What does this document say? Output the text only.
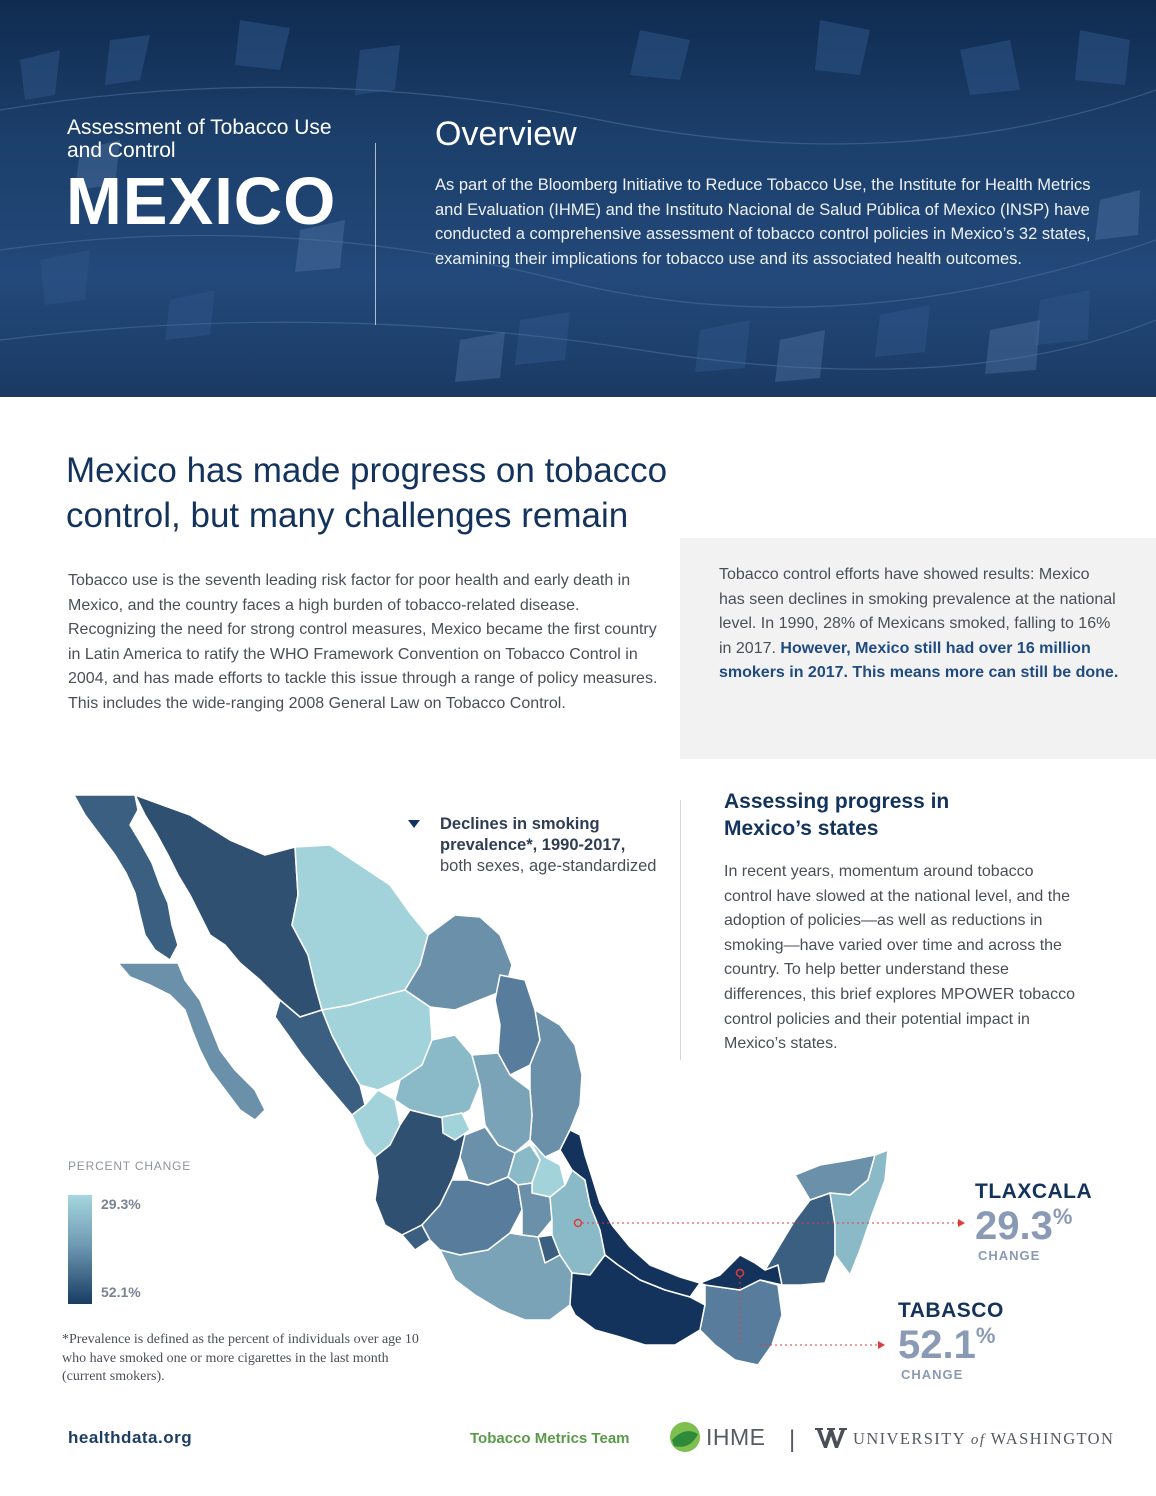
Assessment of Tobacco Use and Control
MEXICO
Overview
As part of the Bloomberg Initiative to Reduce Tobacco Use, the Institute for Health Metrics and Evaluation (IHME) and the Instituto Nacional de Salud Pública of Mexico (INSP) have conducted a comprehensive assessment of tobacco control policies in Mexico’s 32 states, examining their implications for tobacco use and its associated health outcomes.
Mexico has made progress on tobacco control, but many challenges remain
Tobacco use is the seventh leading risk factor for poor health and early death in Mexico, and the country faces a high burden of tobacco-related disease. Recognizing the need for strong control measures, Mexico became the first country in Latin America to ratify the WHO Framework Convention on Tobacco Control in 2004, and has made efforts to tackle this issue through a range of policy measures. This includes the wide-ranging 2008 General Law on Tobacco Control.
Tobacco control efforts have showed results: Mexico has seen declines in smoking prevalence at the national level. In 1990, 28% of Mexicans smoked, falling to 16% in 2017. However, Mexico still had over 16 million smokers in 2017. This means more can still be done.
Declines in smoking prevalence*, 1990-2017,
both sexes, age-standardized
Assessing progress in Mexico’s states
In recent years, momentum around tobacco control have slowed at the national level, and the adoption of policies—as well as reductions in smoking—have varied over time and across the country. To help better understand these differences, this brief explores MPOWER tobacco control policies and their potential impact in Mexico’s states.
PERCENT CHANGE
29.3%
52.1%
*Prevalence is defined as the percent of individuals over age 10 who have smoked one or more cigarettes in the last month (current smokers).
TLAXCALA
29.3%
CHANGE
TABASCO
52.1%
CHANGE
healthdata.org	Tobacco Metrics Team	IHME |	UNIVERSITY of WASHINGTON
